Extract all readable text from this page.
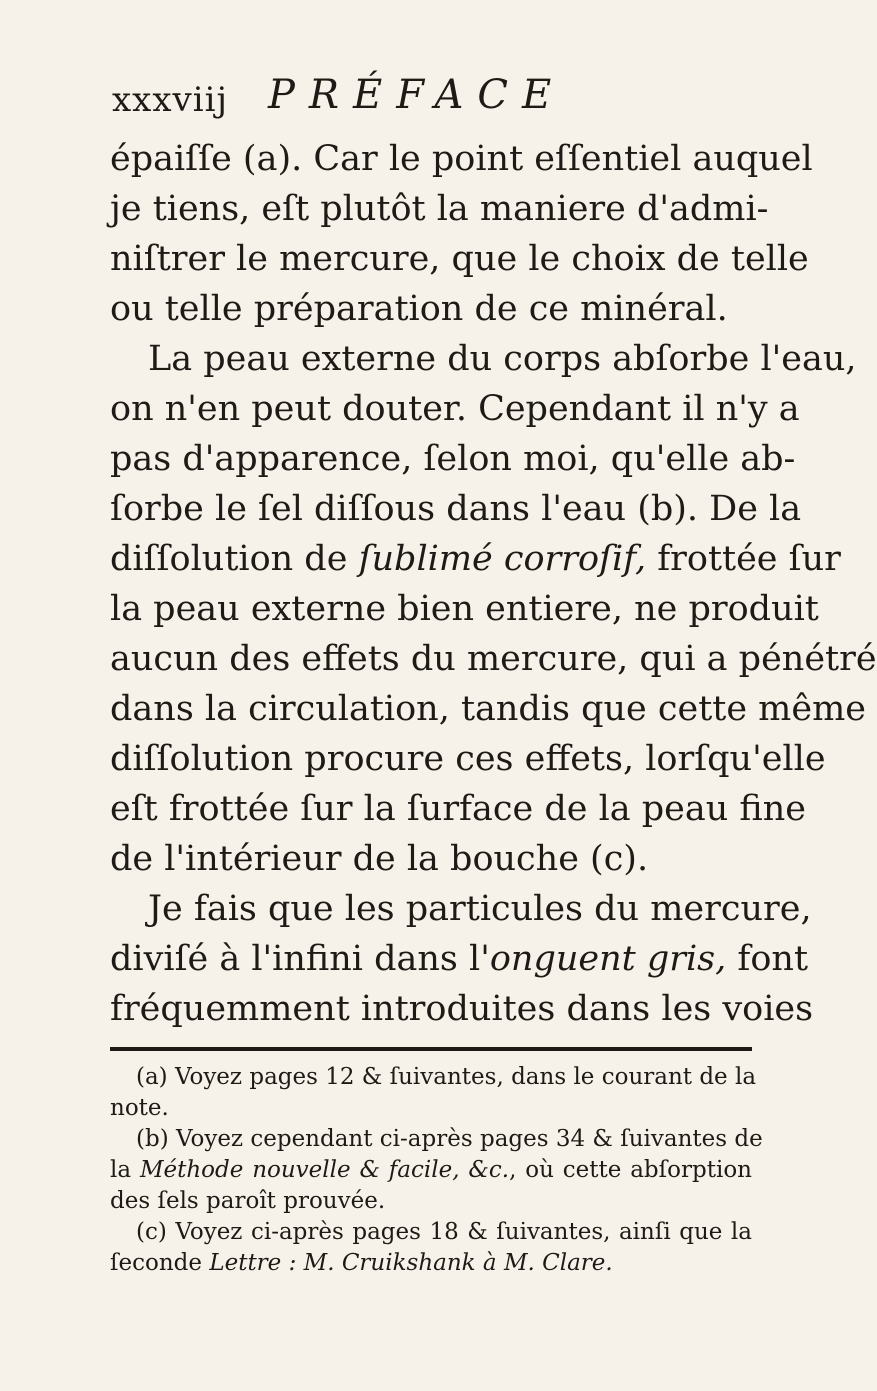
xxxviij PRÉFACE
épaiſſe (a). Car le point eſſentiel auquel
je tiens, eſt plutôt la maniere d'admi-
niſtrer le mercure, que le choix de telle
ou telle préparation de ce minéral.
La peau externe du corps abſorbe l'eau,
on n'en peut douter. Cependant il n'y a
pas d'apparence, ſelon moi, qu'elle ab-
ſorbe le ſel diſſous dans l'eau (b). De la
diſſolution de ſublimé corroſif, frottée ſur
la peau externe bien entiere, ne produit
aucun des effets du mercure, qui a pénétré
dans la circulation, tandis que cette même
diſſolution procure ces effets, lorſqu'elle
eſt frottée ſur la ſurface de la peau fine
de l'intérieur de la bouche (c).
Je fais que les particules du mercure,
diviſé à l'infini dans l'onguent gris, font
fréquemment introduites dans les voies
(a) Voyez pages 12 & ſuivantes, dans le courant de la
note.
(b) Voyez cependant ci-après pages 34 & ſuivantes de
la Méthode nouvelle & facile, &c., où cette abſorption
des ſels paroît prouvée.
(c) Voyez ci-après pages 18 & ſuivantes, ainſi que la
ſeconde Lettre : M. Cruikshank à M. Clare.
